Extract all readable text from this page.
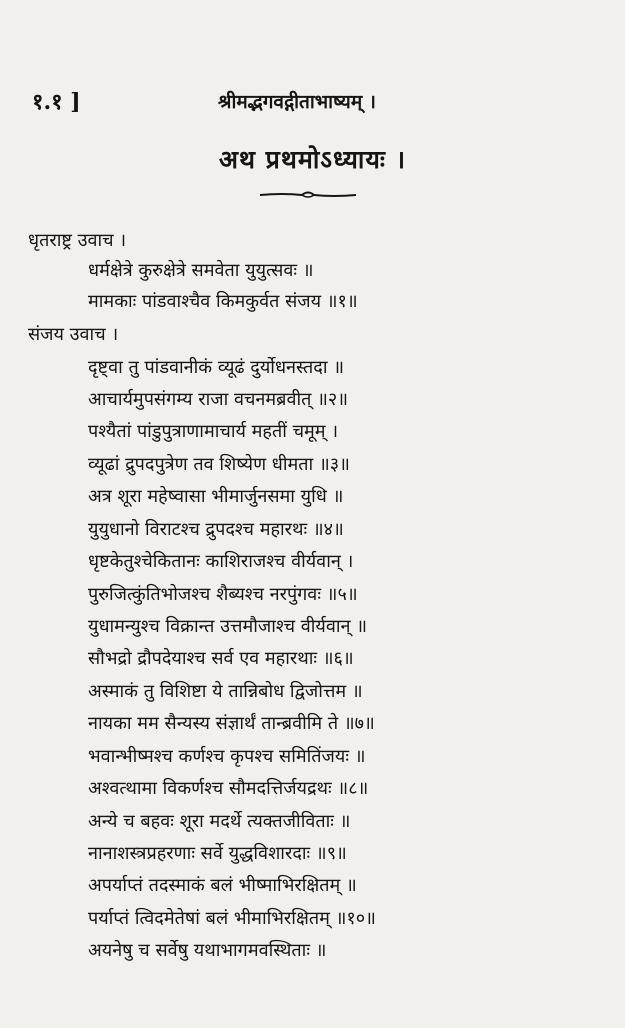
१.१ ]	श्रीमद्भगवद्गीताभाष्यम् ।
अथ प्रथमोऽध्यायः ।
धृतराष्ट्र उवाच ।
धर्मक्षेत्रे कुरुक्षेत्रे समवेता युयुत्सवः ॥
मामकाः पांडवाश्चैव किमकुर्वत संजय ॥१॥
संजय उवाच ।
दृष्ट्वा तु पांडवानीकं व्यूढं दुर्योधनस्तदा ॥
आचार्यमुपसंगम्य राजा वचनमब्रवीत् ॥२॥
पश्यैतां पांडुपुत्राणामाचार्य महतीं चमूम् ।
व्यूढां द्रुपदपुत्रेण तव शिष्येण धीमता ॥३॥
अत्र शूरा महेष्वासा भीमार्जुनसमा युधि ॥
युयुधानो विराटश्च द्रुपदश्च महारथः ॥४॥
धृष्टकेतुश्चेकितानः काशिराजश्च वीर्यवान् ।
पुरुजित्कुंतिभोजश्च शैब्यश्च नरपुंगवः ॥५॥
युधामन्युश्च विक्रान्त उत्तमौजाश्च वीर्यवान् ॥
सौभद्रो द्रौपदेयाश्च सर्व एव महारथाः ॥६॥
अस्माकं तु विशिष्टा ये तान्निबोध द्विजोत्तम ॥
नायका मम सैन्यस्य संज्ञार्थं तान्ब्रवीमि ते ॥७॥
भवान्भीष्मश्च कर्णश्च कृपश्च समितिंजयः ॥
अश्वत्थामा विकर्णश्च सौमदत्तिर्जयद्रथः ॥८॥
अन्ये च बहवः शूरा मदर्थे त्यक्तजीविताः ॥
नानाशस्त्रप्रहरणाः सर्वे युद्धविशारदाः ॥९॥
अपर्याप्तं तदस्माकं बलं भीष्माभिरक्षितम् ॥
पर्याप्तं त्विदमेतेषां बलं भीमाभिरक्षितम् ॥१०॥
अयनेषु च सर्वेषु यथाभागमवस्थिताः ॥
